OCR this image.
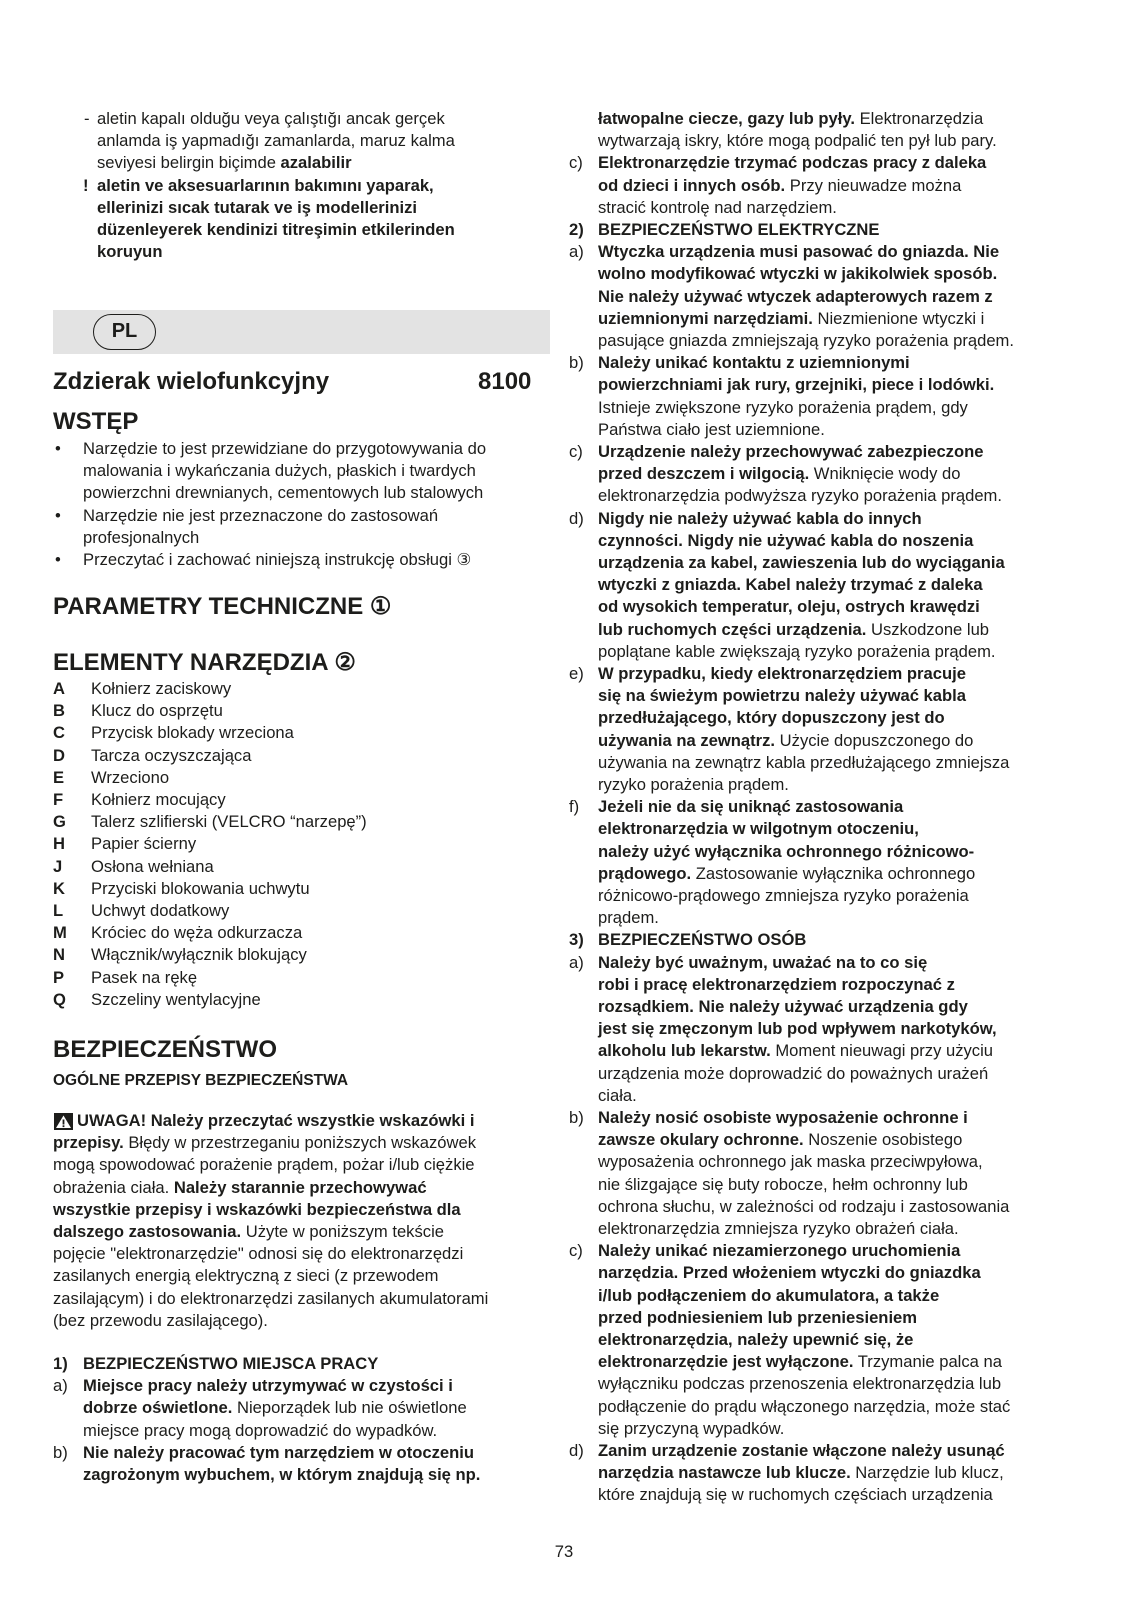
- aletin kapalı olduğu veya çalıştığı ancak gerçek
anlamda iş yapmadığı zamanlarda, maruz kalma
seviyesi belirgin biçimde azalabilir
! aletin ve aksesuarlarının bakımını yaparak,
ellerinizi sıcak tutarak ve iş modellerinizi
düzenleyerek kendinizi titreşimin etkilerinden
koruyun
PL
Zdzierak wielofunkcyjny	8100
WSTĘP
• Narzędzie to jest przewidziane do przygotowywania do
malowania i wykańczania dużych, płaskich i twardych
powierzchni drewnianych, cementowych lub stalowych
• Narzędzie nie jest przeznaczone do zastosowań
profesjonalnych
• Przeczytać i zachować niniejszą instrukcję obsługi ③
PARAMETRY TECHNICZNE ①
ELEMENTY NARZĘDZIA ②
A Kołnierz zaciskowy
B Klucz do osprzętu
C Przycisk blokady wrzeciona
D Tarcza oczyszczająca
E Wrzeciono
F Kołnierz mocujący
G Talerz szlifierski (VELCRO “narzepę”)
H Papier ścierny
J Osłona wełniana
K Przyciski blokowania uchwytu
L Uchwyt dodatkowy
M Króciec do węża odkurzacza
N Włącznik/wyłącznik blokujący
P Pasek na rękę
Q Szczeliny wentylacyjne
BEZPIECZEŃSTWO
OGÓLNE PRZEPISY BEZPIECZEŃSTWA
UWAGA! Należy przeczytać wszystkie wskazówki i
przepisy. Błędy w przestrzeganiu poniższych wskazówek
mogą spowodować porażenie prądem, pożar i/lub ciężkie
obrażenia ciała. Należy starannie przechowywać
wszystkie przepisy i wskazówki bezpieczeństwa dla
dalszego zastosowania. Użyte w poniższym tekście
pojęcie "elektronarzędzie" odnosi się do elektronarzędzi
zasilanych energią elektryczną z sieci (z przewodem
zasilającym) i do elektronarzędzi zasilanych akumulatorami
(bez przewodu zasilającego).
1) BEZPIECZEŃSTWO MIEJSCA PRACY
a) Miejsce pracy należy utrzymywać w czystości i
dobrze oświetlone. Nieporządek lub nie oświetlone
miejsce pracy mogą doprowadzić do wypadków.
b) Nie należy pracować tym narzędziem w otoczeniu
zagrożonym wybuchem, w którym znajdują się np.
łatwopalne ciecze, gazy lub pyły. Elektronarzędzia
wytwarzają iskry, które mogą podpalić ten pył lub pary.
c) Elektronarzędzie trzymać podczas pracy z daleka
od dzieci i innych osób. Przy nieuwadze można
stracić kontrolę nad narzędziem.
2) BEZPIECZEŃSTWO ELEKTRYCZNE
a) Wtyczka urządzenia musi pasować do gniazda. Nie
wolno modyfikować wtyczki w jakikolwiek sposób.
Nie należy używać wtyczek adapterowych razem z
uziemnionymi narzędziami. Niezmienione wtyczki i
pasujące gniazda zmniejszają ryzyko porażenia prądem.
b) Należy unikać kontaktu z uziemnionymi
powierzchniami jak rury, grzejniki, piece i lodówki.
Istnieje zwiększone ryzyko porażenia prądem, gdy
Państwa ciało jest uziemnione.
c) Urządzenie należy przechowywać zabezpieczone
przed deszczem i wilgocią. Wniknięcie wody do
elektronarzędzia podwyższa ryzyko porażenia prądem.
d) Nigdy nie należy używać kabla do innych
czynności. Nigdy nie używać kabla do noszenia
urządzenia za kabel, zawieszenia lub do wyciągania
wtyczki z gniazda. Kabel należy trzymać z daleka
od wysokich temperatur, oleju, ostrych krawędzi
lub ruchomych części urządzenia. Uszkodzone lub
poplątane kable zwiększają ryzyko porażenia prądem.
e) W przypadku, kiedy elektronarzędziem pracuje
się na świeżym powietrzu należy używać kabla
przedłużającego, który dopuszczony jest do
używania na zewnątrz. Użycie dopuszczonego do
używania na zewnątrz kabla przedłużającego zmniejsza
ryzyko porażenia prądem.
f) Jeżeli nie da się uniknąć zastosowania
elektronarzędzia w wilgotnym otoczeniu,
należy użyć wyłącznika ochronnego różnicowo-
prądowego. Zastosowanie wyłącznika ochronnego
różnicowo-prądowego zmniejsza ryzyko porażenia
prądem.
3) BEZPIECZEŃSTWO OSÓB
a) Należy być uważnym, uważać na to co się
robi i pracę elektronarzędziem rozpoczynać z
rozsądkiem. Nie należy używać urządzenia gdy
jest się zmęczonym lub pod wpływem narkotyków,
alkoholu lub lekarstw. Moment nieuwagi przy użyciu
urządzenia może doprowadzić do poważnych urażeń
ciała.
b) Należy nosić osobiste wyposażenie ochronne i
zawsze okulary ochronne. Noszenie osobistego
wyposażenia ochronnego jak maska przeciwpyłowa,
nie ślizgające się buty robocze, hełm ochronny lub
ochrona słuchu, w zależności od rodzaju i zastosowania
elektronarzędzia zmniejsza ryzyko obrażeń ciała.
c) Należy unikać niezamierzonego uruchomienia
narzędzia. Przed włożeniem wtyczki do gniazdka
i/lub podłączeniem do akumulatora, a także
przed podniesieniem lub przeniesieniem
elektronarzędzia, należy upewnić się, że
elektronarzędzie jest wyłączone. Trzymanie palca na
wyłączniku podczas przenoszenia elektronarzędzia lub
podłączenie do prądu włączonego narzędzia, może stać
się przyczyną wypadków.
d) Zanim urządzenie zostanie włączone należy usunąć
narzędzia nastawcze lub klucze. Narzędzie lub klucz,
które znajdują się w ruchomych częściach urządzenia
73
